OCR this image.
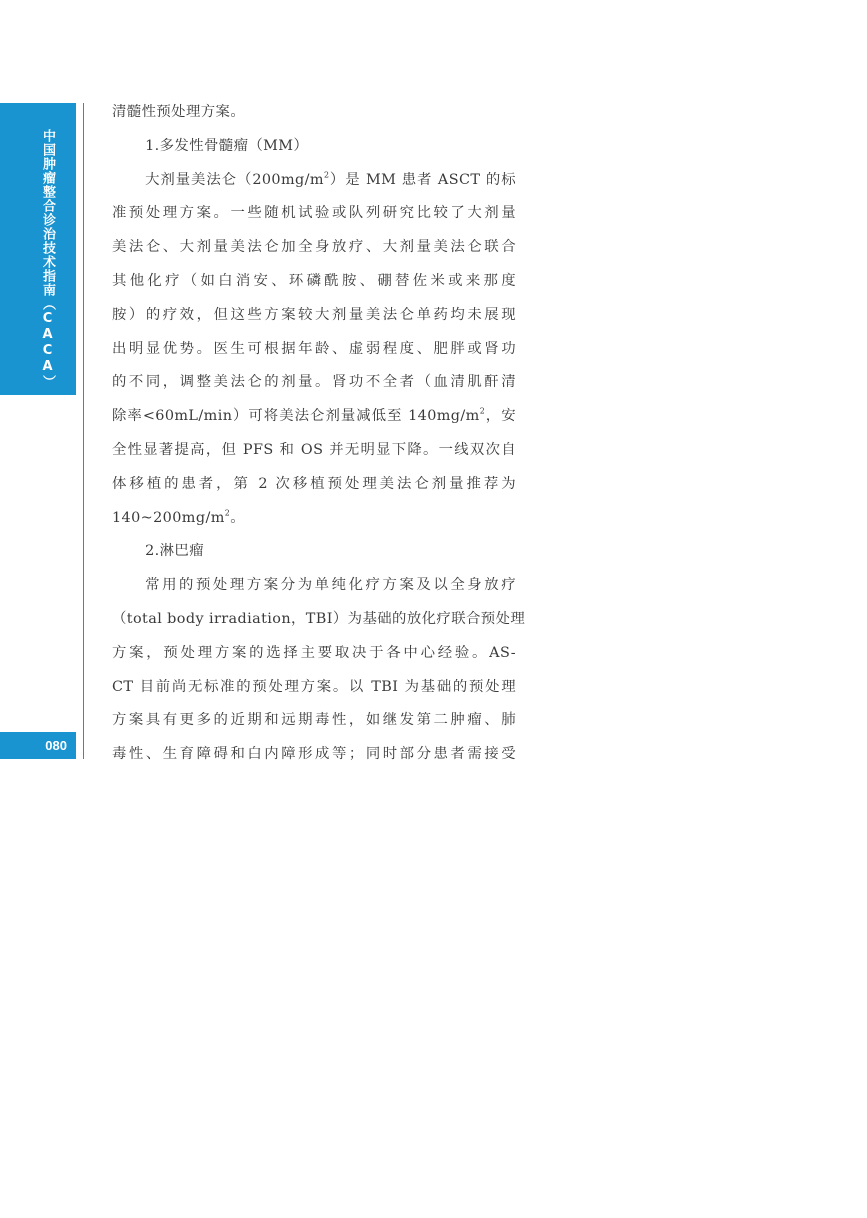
中国肿瘤整合诊治技术指南（CACA）
080
清髓性预处理方案。
1.多发性骨髓瘤（MM）
大剂量美法仑$(200mg/m^2)$是 MM 患者 ASCT 的标
准预处理方案。一些随机试验或队列研究比较了大剂量
美法仑、大剂量美法仑加全身放疗、大剂量美法仑联合
其他化疗（如白消安、环磷酰胺、硼替佐米或来那度
胺）的疗效，但这些方案较大剂量美法仑单药均未展现
出明显优势。医生可根据年龄、虚弱程度、肥胖或肾功
的不同，调整美法仑的剂量。肾功不全者（血清肌酐清
除率<60mL/min）可将美法仑剂量减低至 $140mg/m^2$，安
全性显著提高，但 PFS 和 OS 并无明显下降。一线双次自
体移植的患者，第 2 次移植预处理美法仑剂量推荐为
$140\sim 200mg/m^2$。
2.淋巴瘤
常用的预处理方案分为单纯化疗方案及以全身放疗
（total body irradiation，TBI）为基础的放化疗联合预处理
方案，预处理方案的选择主要取决于各中心经验。AS-
CT 目前尚无标准的预处理方案。以 TBI 为基础的预处理
方案具有更多的近期和远期毒性，如继发第二肿瘤、肺
毒性、生育障碍和白内障形成等；同时部分患者需接受
